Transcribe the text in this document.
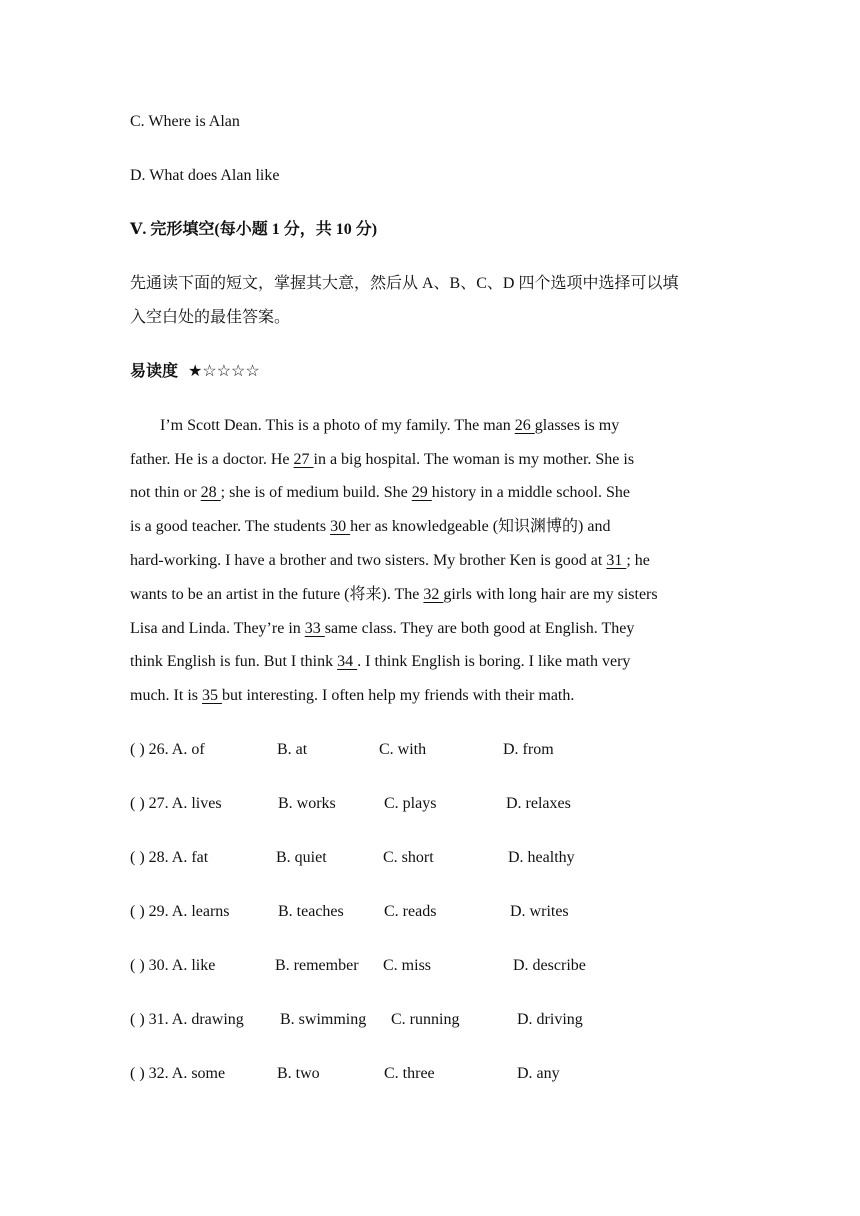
C. Where is Alan
D. What does Alan like
Ⅴ. 完形填空(每小题 1 分，共 10 分)
先通读下面的短文，掌握其大意，然后从 A、B、C、D 四个选项中选择可以填
入空白处的最佳答案。
易读度 ★☆☆☆☆
I’m Scott Dean. This is a photo of my family. The man 26 glasses is my
father. He is a doctor. He 27 in a big hospital. The woman is my mother. She is
not thin or 28 ; she is of medium build. She 29 history in a middle school. She
is a good teacher. The students 30 her as knowledgeable (知识渊博的) and
hard-working. I have a brother and two sisters. My brother Ken is good at 31 ; he
wants to be an artist in the future (将来). The 32 girls with long hair are my sisters
Lisa and Linda. They’re in 33 same class. They are both good at English. They
think English is fun. But I think 34 . I think English is boring. I like math very
much. It is 35 but interesting. I often help my friends with their math.
( ) 26. A. of	B. at	C. with	D. from
( ) 27. A. lives	B. works	C. plays	D. relaxes
( ) 28. A. fat	B. quiet	C. short	D. healthy
( ) 29. A. learns	B. teaches	C. reads	D. writes
( ) 30. A. like	B. remember C. miss	D. describe
( ) 31. A. drawing B. swimming C. running	D. driving
( ) 32. A. some	B. two	C. three	D. any
